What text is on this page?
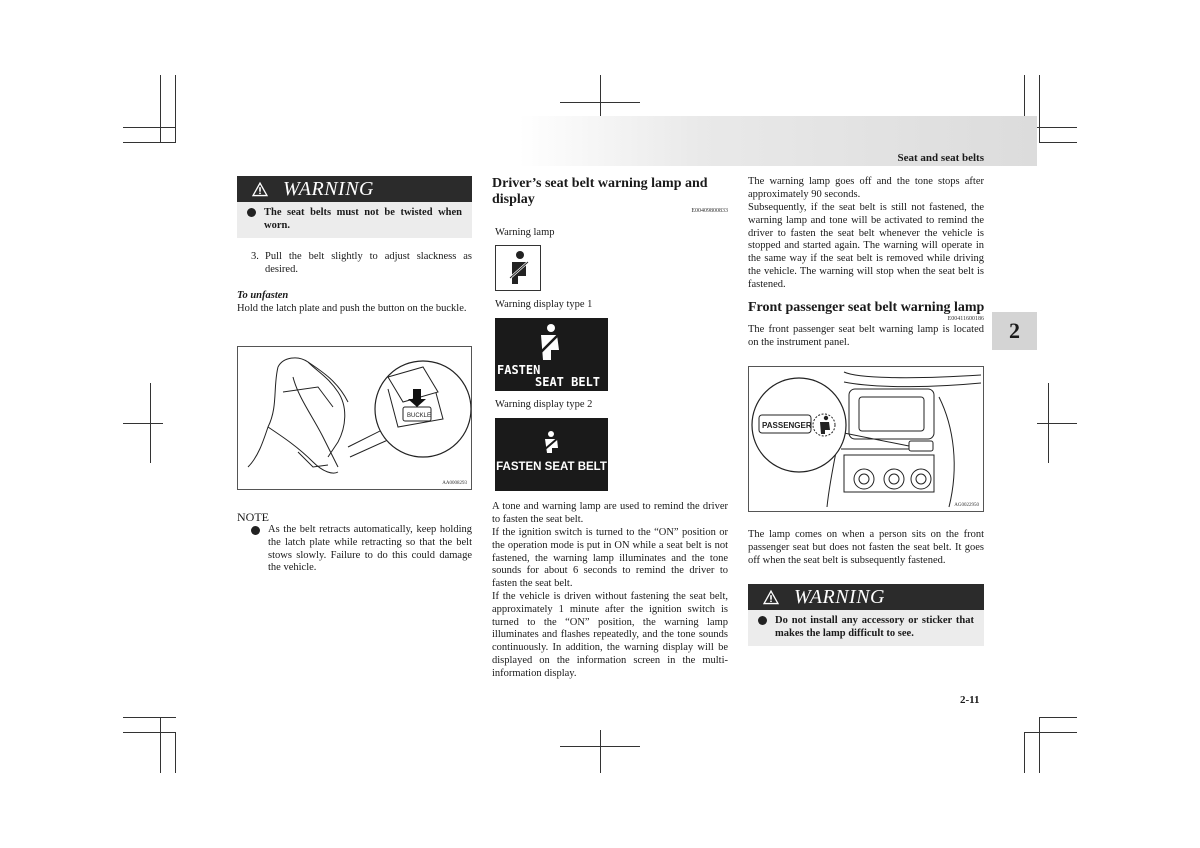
Seat and seat belts
2
WARNING
The seat belts must not be twisted when worn.
3. Pull the belt slightly to adjust slackness as desired.
To unfasten
Hold the latch plate and push the button on the buckle.
BUCKLE
AA0008293
NOTE
As the belt retracts automatically, keep holding the latch plate while retracting so that the belt stows slowly. Failure to do this could damage the vehicle.
Driver’s seat belt warning lamp and display
E00409800833
Warning lamp
Warning display type 1
FASTEN
SEAT BELT
Warning display type 2
FASTEN SEAT BELT
A tone and warning lamp are used to remind the driver to fasten the seat belt.
If the ignition switch is turned to the “ON” position or the operation mode is put in ON while a seat belt is not fastened, the warning lamp illuminates and the tone sounds for about 6 seconds to remind the driver to fasten the seat belt.
If the vehicle is driven without fastening the seat belt, approximately 1 minute after the ignition switch is turned to the “ON” position, the warning lamp illuminates and flashes repeatedly, and the tone sounds continuously. In addition, the warning display will be displayed on the information screen in the multi-information display.
The warning lamp goes off and the tone stops after approximately 90 seconds.
Subsequently, if the seat belt is still not fastened, the warning lamp and tone will be activated to remind the driver to fasten the seat belt whenever the vehicle is stopped and started again. The warning will operate in the same way if the seat belt is removed while driving the vehicle. The warning will stop when the seat belt is fastened.
Front passenger seat belt warning lamp
E00411600186
The front passenger seat belt warning lamp is located on the instrument panel.
PASSENGER
AG0022950
The lamp comes on when a person sits on the front passenger seat but does not fasten the seat belt. It goes off when the seat belt is subsequently fastened.
WARNING
Do not install any accessory or sticker that makes the lamp difficult to see.
2-11
